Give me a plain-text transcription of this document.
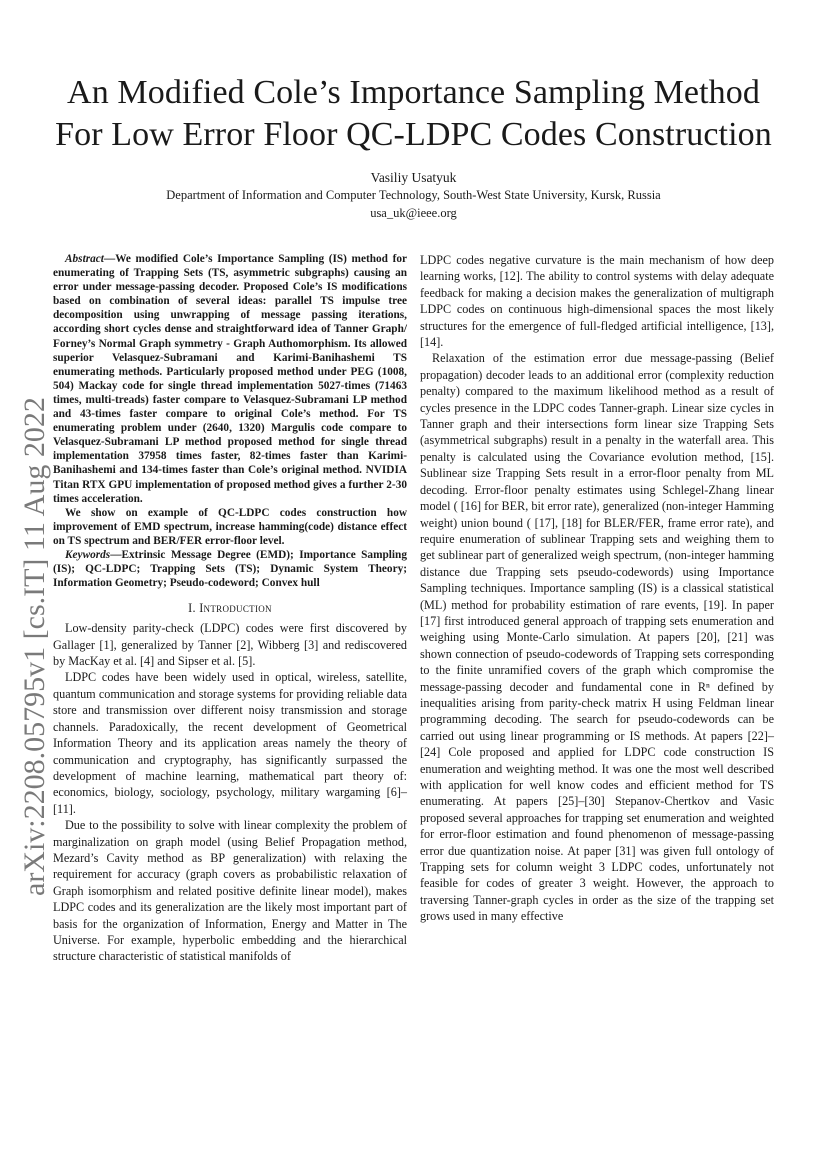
An Modified Cole’s Importance Sampling Method For Low Error Floor QC-LDPC Codes Construction
Vasiliy Usatyuk
Department of Information and Computer Technology, South-West State University, Kursk, Russia
usa_uk@ieee.org
arXiv:2208.05795v1 [cs.IT] 11 Aug 2022

Abstract—We modified Cole’s Importance Sampling (IS) method for enumerating of Trapping Sets (TS, asymmetric subgraphs) causing an error under message-passing decoder. Proposed Cole’s IS modifications based on combination of several ideas: parallel TS impulse tree decomposition using unwrapping of message passing iterations, according short cycles dense and straightforward idea of Tanner Graph/ Forney’s Normal Graph symmetry - Graph Authomorphism. Its allowed superior Velasquez-Subramani and Karimi-Banihashemi TS enumerating methods. Particularly proposed method under PEG (1008, 504) Mackay code for single thread implementation 5027-times (71463 times, multi-treads) faster compare to Velasquez-Subramani LP method and 43-times faster compare to original Cole’s method. For TS enumerating problem under (2640, 1320) Margulis code compare to Velasquez-Subramani LP method proposed method for single thread implementation 37958 times faster, 82-times faster than Karimi-Banihashemi and 134-times faster than Cole’s original method. NVIDIA Titan RTX GPU implementation of proposed method gives a further 2-30 times acceleration.

We show on example of QC-LDPC codes construction how improvement of EMD spectrum, increase hamming(code) distance effect on TS spectrum and BER/FER error-floor level.

Keywords—Extrinsic Message Degree (EMD); Importance Sampling (IS); QC-LDPC; Trapping Sets (TS); Dynamic System Theory; Information Geometry; Pseudo-codeword; Convex hull

I. Introduction

Low-density parity-check (LDPC) codes were first discovered by Gallager [1], generalized by Tanner [2], Wibberg [3] and rediscovered by MacKay et al. [4] and Sipser et al. [5].

LDPC codes have been widely used in optical, wireless, satellite, quantum communication and storage systems for providing reliable data store and transmission over different noisy transmission and storage channels. Paradoxically, the recent development of Geometrical Information Theory and its application areas namely the theory of communication and cryptography, has significantly surpassed the development of machine learning, mathematical part theory of: economics, biology, sociology, psychology, military wargaming [6]–[11].

Due to the possibility to solve with linear complexity the problem of marginalization on graph model (using Belief Propagation method, Mezard’s Cavity method as BP generalization) with relaxing the requirement for accuracy (graph covers as probabilistic relaxation of Graph isomorphism and related positive definite linear model), makes LDPC codes and its generalization are the likely most important part of basis for the organization of Information, Energy and Matter in The Universe. For example, hyperbolic embedding and the hierarchical structure characteristic of statistical manifolds of

LDPC codes negative curvature is the main mechanism of how deep learning works, [12]. The ability to control systems with delay adequate feedback for making a decision makes the generalization of multigraph LDPC codes on continuous high-dimensional spaces the most likely structures for the emergence of full-fledged artificial intelligence, [13], [14].

Relaxation of the estimation error due message-passing (Belief propagation) decoder leads to an additional error (complexity reduction penalty) compared to the maximum likelihood method as a result of cycles presence in the LDPC codes Tanner-graph. Linear size cycles in Tanner graph and their intersections form linear size Trapping Sets (asymmetrical subgraphs) result in a penalty in the waterfall area. This penalty is calculated using the Covariance evolution method, [15]. Sublinear size Trapping Sets result in a error-floor penalty from ML decoding. Error-floor penalty estimates using Schlegel-Zhang linear model ( [16] for BER, bit error rate), generalized (non-integer Hamming weight) union bound ( [17], [18] for BLER/FER, frame error rate), and require enumeration of sublinear Trapping sets and weighing them to get sublinear part of generalized weigh spectrum, (non-integer hamming distance due Trapping sets pseudo-codewords) using Importance Sampling techniques. Importance sampling (IS) is a classical statistical (ML) method for probability estimation of rare events, [19]. In paper [17] first introduced general approach of trapping sets enumeration and weighing using Monte-Carlo simulation. At papers [20], [21] was shown connection of pseudo-codewords of Trapping sets corresponding to the finite unramified covers of the graph which compromise the message-passing decoder and fundamental cone in Rⁿ defined by inequalities arising from parity-check matrix H using Feldman linear programming decoding. The search for pseudo-codewords can be carried out using linear programming or IS methods. At papers [22]–[24] Cole proposed and applied for LDPC code construction IS enumeration and weighting method. It was one the most well described with application for well know codes and efficient method for TS enumerating. At papers [25]–[30] Stepanov-Chertkov and Vasic proposed several approaches for trapping set enumeration and weighted for error-floor estimation and found phenomenon of message-passing error due quantization noise. At paper [31] was given full ontology of Trapping sets for column weight 3 LDPC codes, unfortunately not feasible for codes of greater 3 weight. However, the approach to traversing Tanner-graph cycles in order as the size of the trapping set grows used in many effective
